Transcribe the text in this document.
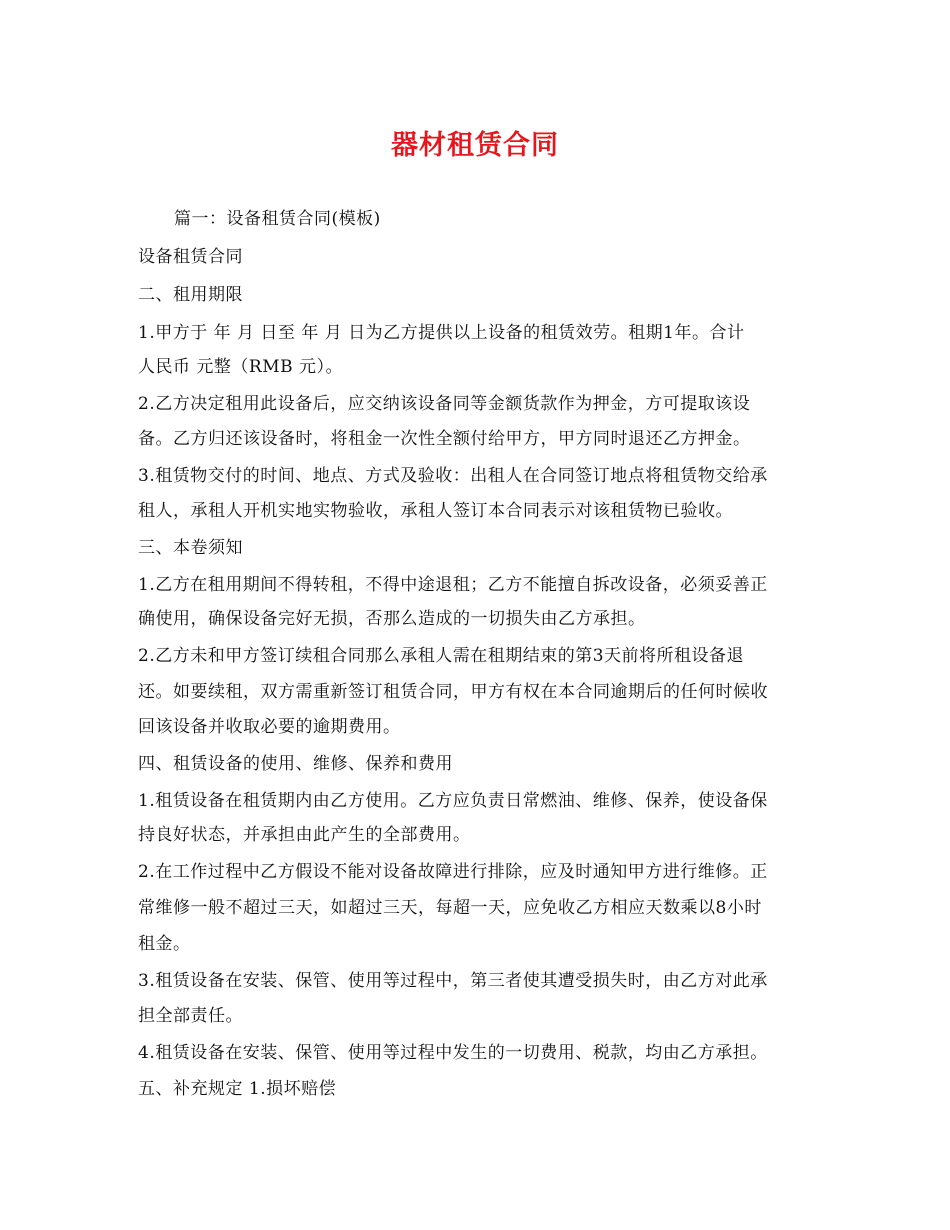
器材租赁合同
篇一：设备租赁合同(模板)
设备租赁合同
二、租用期限
1.甲方于 年 月 日至 年 月 日为乙方提供以上设备的租赁效劳。租期1年。合计
人民币 元整（RMB 元）。
2.乙方决定租用此设备后，应交纳该设备同等金额货款作为押金，方可提取该设
备。乙方归还该设备时，将租金一次性全额付给甲方，甲方同时退还乙方押金。
3.租赁物交付的时间、地点、方式及验收：出租人在合同签订地点将租赁物交给承
租人，承租人开机实地实物验收，承租人签订本合同表示对该租赁物已验收。
三、本卷须知
1.乙方在租用期间不得转租，不得中途退租；乙方不能擅自拆改设备，必须妥善正
确使用，确保设备完好无损，否那么造成的一切损失由乙方承担。
2.乙方未和甲方签订续租合同那么承租人需在租期结束的第3天前将所租设备退
还。如要续租，双方需重新签订租赁合同，甲方有权在本合同逾期后的任何时候收
回该设备并收取必要的逾期费用。
四、租赁设备的使用、维修、保养和费用
1.租赁设备在租赁期内由乙方使用。乙方应负责日常燃油、维修、保养，使设备保
持良好状态，并承担由此产生的全部费用。
2.在工作过程中乙方假设不能对设备故障进行排除，应及时通知甲方进行维修。正
常维修一般不超过三天，如超过三天，每超一天，应免收乙方相应天数乘以8小时
租金。
3.租赁设备在安装、保管、使用等过程中，第三者使其遭受损失时，由乙方对此承
担全部责任。
4.租赁设备在安装、保管、使用等过程中发生的一切费用、税款，均由乙方承担。
五、补充规定 1.损坏赔偿
